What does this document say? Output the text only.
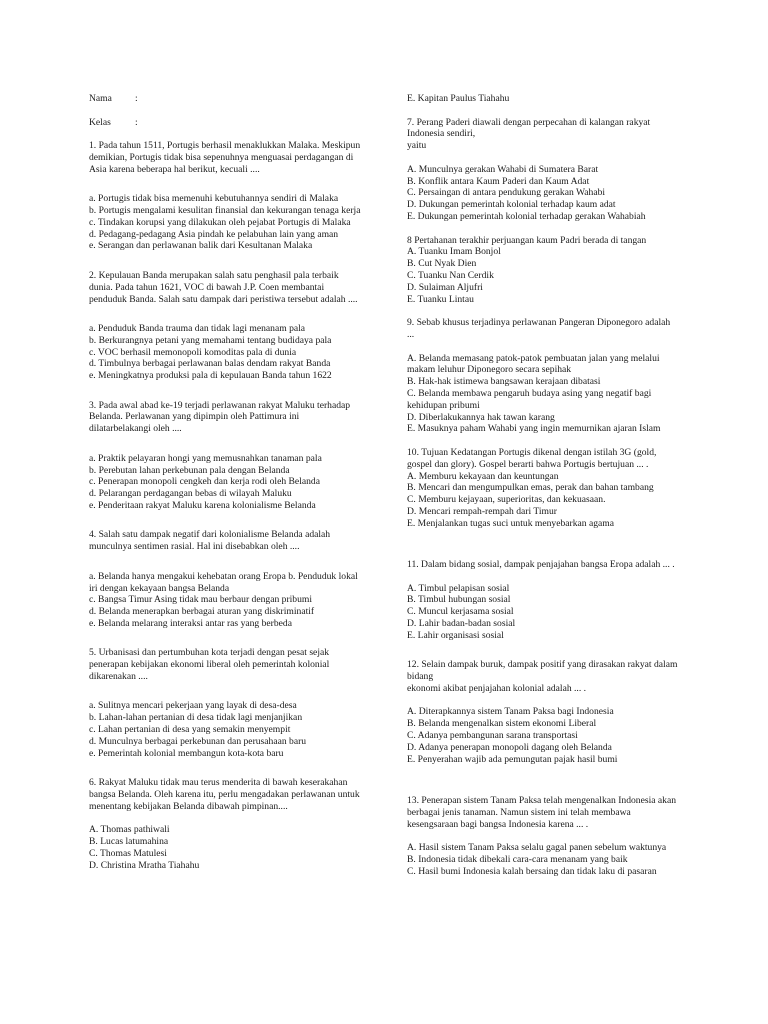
Nama	:
Kelas	:

1. Pada tahun 1511, Portugis berhasil menaklukkan Malaka. Meskipun demikian, Portugis tidak bisa sepenuhnya menguasai perdagangan di Asia karena beberapa hal berikut, kecuali ....

a. Portugis tidak bisa memenuhi kebutuhannya sendiri di Malaka

b. Portugis mengalami kesulitan finansial dan kekurangan tenaga kerja

c. Tindakan korupsi yang dilakukan oleh pejabat Portugis di Malaka

d. Pedagang-pedagang Asia pindah ke pelabuhan lain yang aman

e. Serangan dan perlawanan balik dari Kesultanan Malaka

2. Kepulauan Banda merupakan salah satu penghasil pala terbaik dunia. Pada tahun 1621, VOC di bawah J.P. Coen membantai penduduk Banda. Salah satu dampak dari peristiwa tersebut adalah ....

a. Penduduk Banda trauma dan tidak lagi menanam pala

b. Berkurangnya petani yang memahami tentang budidaya pala

c. VOC berhasil memonopoli komoditas pala di dunia

d. Timbulnya berbagai perlawanan balas dendam rakyat Banda

e. Meningkatnya produksi pala di kepulauan Banda tahun 1622

3. Pada awal abad ke-19 terjadi perlawanan rakyat Maluku terhadap Belanda. Perlawanan yang dipimpin oleh Pattimura ini dilatarbelakangi oleh ....

a. Praktik pelayaran hongi yang memusnahkan tanaman pala

b. Perebutan lahan perkebunan pala dengan Belanda

c. Penerapan monopoli cengkeh dan kerja rodi oleh Belanda

d. Pelarangan perdagangan bebas di wilayah Maluku

e. Penderitaan rakyat Maluku karena kolonialisme Belanda

4. Salah satu dampak negatif dari kolonialisme Belanda adalah munculnya sentimen rasial. Hal ini disebabkan oleh ....

a. Belanda hanya mengakui kehebatan orang Eropa b. Penduduk lokal iri dengan kekayaan bangsa Belanda

c. Bangsa Timur Asing tidak mau berbaur dengan pribumi

d. Belanda menerapkan berbagai aturan yang diskriminatif

e. Belanda melarang interaksi antar ras yang berbeda

5. Urbanisasi dan pertumbuhan kota terjadi dengan pesat sejak penerapan kebijakan ekonomi liberal oleh pemerintah kolonial dikarenakan ....

a. Sulitnya mencari pekerjaan yang layak di desa-desa

b. Lahan-lahan pertanian di desa tidak lagi menjanjikan

c. Lahan pertanian di desa yang semakin menyempit

d. Munculnya berbagai perkebunan dan perusahaan baru

e. Pemerintah kolonial membangun kota-kota baru

6. Rakyat Maluku tidak mau terus menderita di bawah keserakahan bangsa Belanda. Oleh karena itu, perlu mengadakan perlawanan untuk menentang kebijakan Belanda dibawah pimpinan....

A. Thomas pathiwali

B. Lucas latumahina

C. Thomas Matulesi

D. Christina Mratha Tiahahu

E. Kapitan Paulus Tiahahu

7. Perang Paderi diawali dengan perpecahan di kalangan rakyat Indonesia sendiri,

yaitu

A. Munculnya gerakan Wahabi di Sumatera Barat

B. Konflik antara Kaum Paderi dan Kaum Adat

C. Persaingan di antara pendukung gerakan Wahabi

D. Dukungan pemerintah kolonial terhadap kaum adat

E. Dukungan pemerintah kolonial terhadap gerakan Wahabiah

8 Pertahanan terakhir perjuangan kaum Padri berada di tangan

A. Tuanku Imam Bonjol

B. Cut Nyak Dien

C. Tuanku Nan Cerdik

D. Sulaiman Aljufri

E. Tuanku Lintau

9. Sebab khusus terjadinya perlawanan Pangeran Diponegoro adalah ...

A. Belanda memasang patok-patok pembuatan jalan yang melalui makam leluhur Diponegoro secara sepihak

B. Hak-hak istimewa bangsawan kerajaan dibatasi

C. Belanda membawa pengaruh budaya asing yang negatif bagi kehidupan pribumi

D. Diberlakukannya hak tawan karang

E. Masuknya paham Wahabi yang ingin memurnikan ajaran Islam

10. Tujuan Kedatangan Portugis dikenal dengan istilah 3G (gold, gospel dan glory). Gospel berarti bahwa Portugis bertujuan ... .

A. Memburu kekayaan dan keuntungan

B. Mencari dan mengumpulkan emas, perak dan bahan tambang

C. Memburu kejayaan, superioritas, dan kekuasaan.

D. Mencari rempah-rempah dari Timur

E. Menjalankan tugas suci untuk menyebarkan agama

11. Dalam bidang sosial, dampak penjajahan bangsa Eropa adalah ... .

A. Timbul pelapisan sosial

B. Timbul hubungan sosial

C. Muncul kerjasama sosial

D. Lahir badan-badan sosial

E. Lahir organisasi sosial

12. Selain dampak buruk, dampak positif yang dirasakan rakyat dalam bidang

ekonomi akibat penjajahan kolonial adalah ... .

A. Diterapkannya sistem Tanam Paksa bagi Indonesia

B. Belanda mengenalkan sistem ekonomi Liberal

C. Adanya pembangunan sarana transportasi

D. Adanya penerapan monopoli dagang oleh Belanda

E. Penyerahan wajib ada pemungutan pajak hasil bumi

13. Penerapan sistem Tanam Paksa telah mengenalkan Indonesia akan berbagai jenis tanaman. Namun sistem ini telah membawa kesengsaraan bagi bangsa Indonesia karena ... .

A. Hasil sistem Tanam Paksa selalu gagal panen sebelum waktunya

B. Indonesia tidak dibekali cara-cara menanam yang baik

C. Hasil bumi Indonesia kalah bersaing dan tidak laku di pasaran
